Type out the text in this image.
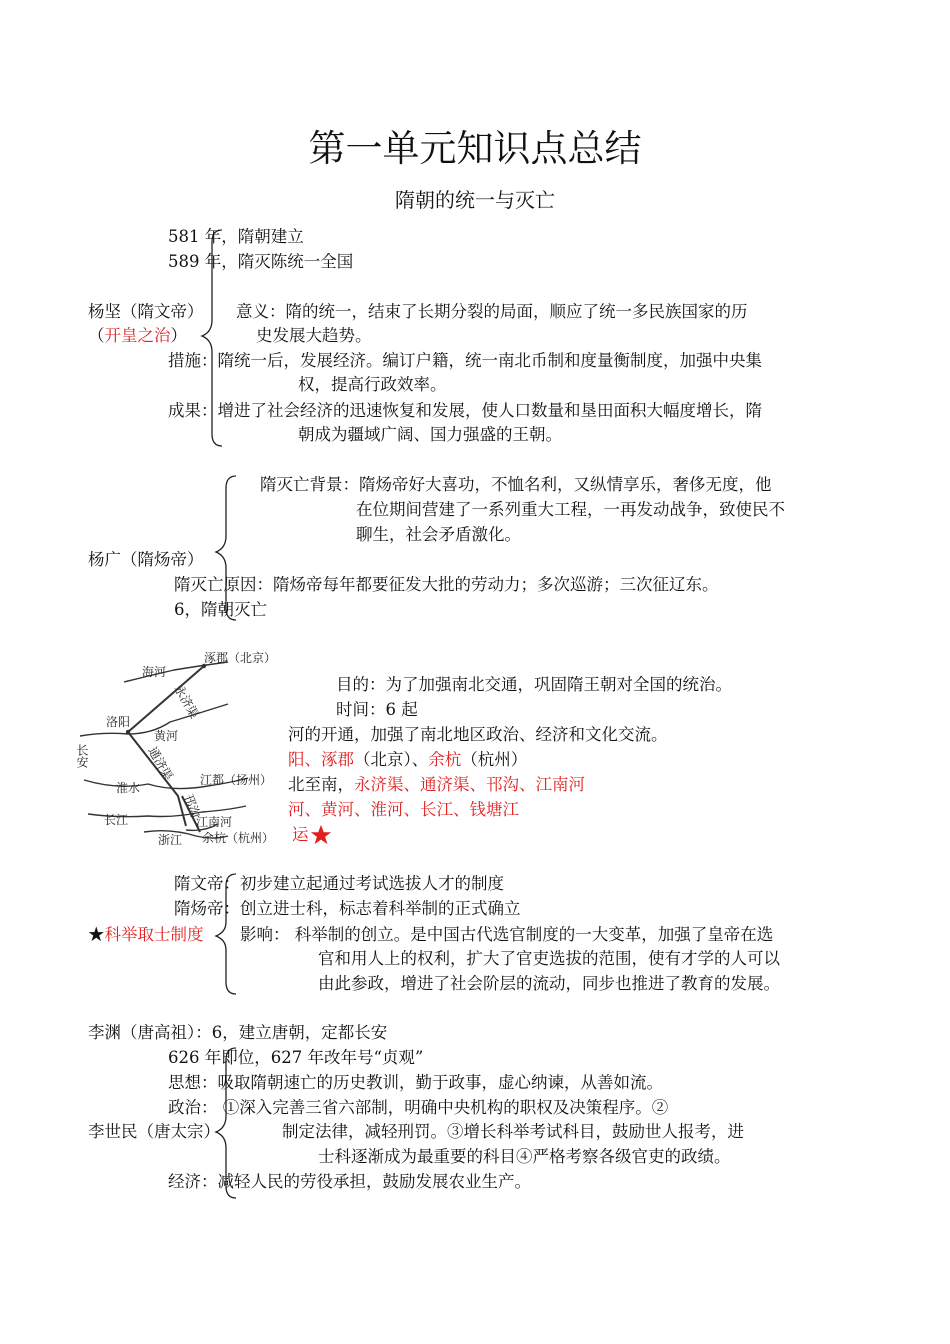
第一单元知识点总结
隋朝的统一与灭亡
581 年，隋朝建立
589 年，隋灭陈统一全国
杨坚（隋文帝）
（开皇之治）
意义：隋的统一，结束了长期分裂的局面，顺应了统一多民族国家的历
史发展大趋势。
措施：隋统一后，发展经济。编订户籍，统一南北币制和度量衡制度，加强中央集
权，提高行政效率。
成果：增进了社会经济的迅速恢复和发展，使人口数量和垦田面积大幅度增长，隋
朝成为疆域广阔、国力强盛的王朝。
隋灭亡背景：隋炀帝好大喜功，不恤名利，又纵情享乐，奢侈无度，他
在位期间营建了一系列重大工程，一再发动战争，致使民不
聊生，社会矛盾激化。
杨广（隋炀帝）
隋灭亡原因：隋炀帝每年都要征发大批的劳动力；多次巡游；三次征辽东。
6，隋朝灭亡
涿郡（北京）
海河
永济渠
洛阳
黄河
长安	通济渠
淮水
江都（扬州）
邗沟
长江	江南河
浙江 余杭（杭州）
目的：为了加强南北交通，巩固隋王朝对全国的统治。
时间：6 起
河的开通，加强了南北地区政治、经济和文化交流。
阳、涿郡（北京）、余杭（杭州）
北至南，永济渠、通济渠、邗沟、江南河
河、黄河、淮河、长江、钱塘江
运
隋文帝：初步建立起通过考试选拔人才的制度
隋炀帝：创立进士科，标志着科举制的正式确立
★科举取士制度 影响： 科举制的创立。是中国古代选官制度的一大变革，加强了皇帝在选
官和用人上的权利，扩大了官吏选拔的范围，使有才学的人可以
由此参政，增进了社会阶层的流动，同步也推进了教育的发展。
李渊（唐高祖）：6，建立唐朝，定都长安
626 年即位，627 年改年号“贞观”
思想：吸取隋朝速亡的历史教训，勤于政事，虚心纳谏，从善如流。
政治： ①深入完善三省六部制，明确中央机构的职权及决策程序。②
李世民（唐太宗）	制定法律，减轻刑罚。③增长科举考试科目，鼓励世人报考，进
士科逐渐成为最重要的科目④严格考察各级官吏的政绩。
经济：减轻人民的劳役承担，鼓励发展农业生产。
